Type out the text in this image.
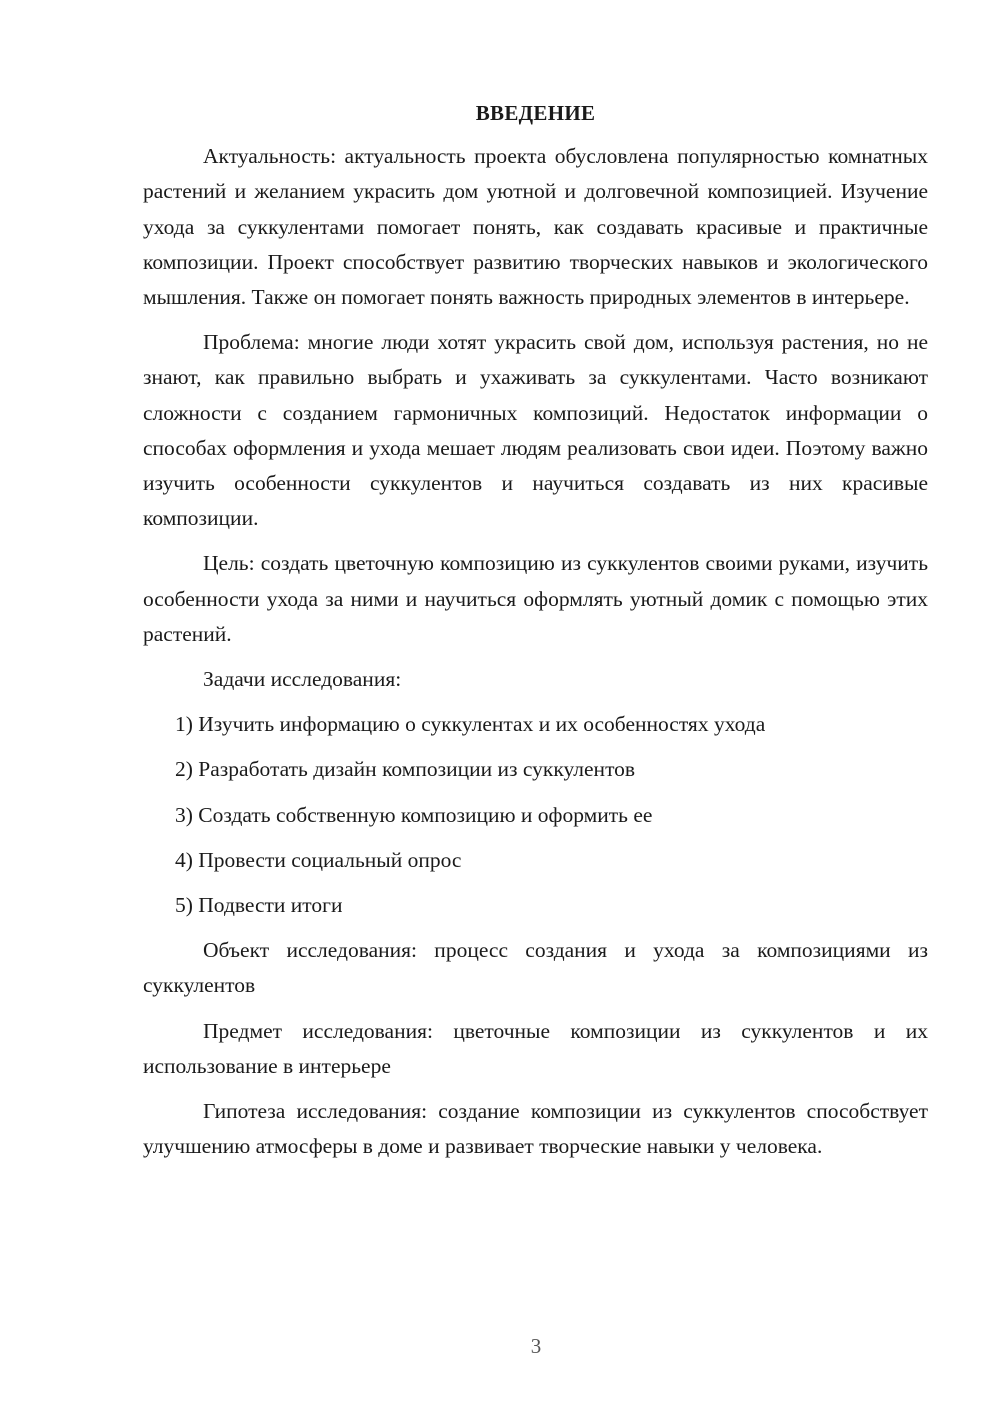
ВВЕДЕНИЕ

Актуальность: актуальность проекта обусловлена популярностью комнатных растений и желанием украсить дом уютной и долговечной композицией. Изучение ухода за суккулентами помогает понять, как создавать красивые и практичные композиции. Проект способствует развитию творческих навыков и экологического мышления. Также он помогает понять важность природных элементов в интерьере.

Проблема: многие люди хотят украсить свой дом, используя растения, но не знают, как правильно выбрать и ухаживать за суккулентами. Часто возникают сложности с созданием гармоничных композиций. Недостаток информации о способах оформления и ухода мешает людям реализовать свои идеи. Поэтому важно изучить особенности суккулентов и научиться создавать из них красивые композиции.

Цель: создать цветочную композицию из суккулентов своими руками, изучить особенности ухода за ними и научиться оформлять уютный домик с помощью этих растений.

Задачи исследования:

1) Изучить информацию о суккулентах и их особенностях ухода
2) Разработать дизайн композиции из суккулентов
3) Создать собственную композицию и оформить ее
4) Провести социальный опрос
5) Подвести итоги

Объект исследования: процесс создания и ухода за композициями из суккулентов

Предмет исследования: цветочные композиции из суккулентов и их использование в интерьере

Гипотеза исследования: создание композиции из суккулентов способствует улучшению атмосферы в доме и развивает творческие навыки у человека.

3
